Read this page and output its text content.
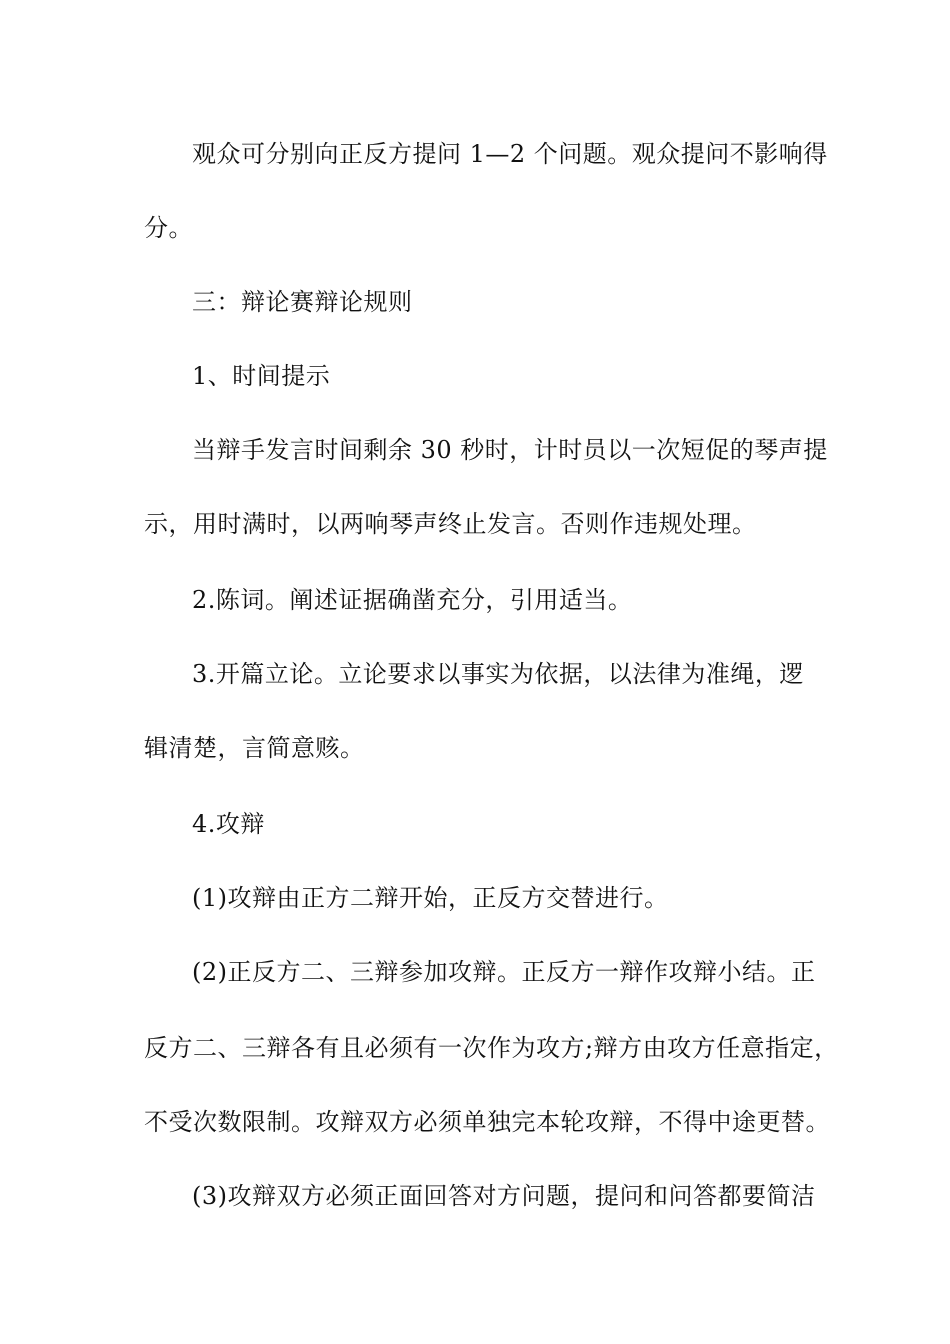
观众可分别向正反方提问 1—2 个问题。观众提问不影响得

分。

三：辩论赛辩论规则

1、时间提示

当辩手发言时间剩余 30 秒时，计时员以一次短促的琴声提

示，用时满时，以两响琴声终止发言。否则作违规处理。

2.陈词。阐述证据确凿充分，引用适当。

3.开篇立论。立论要求以事实为依据，以法律为准绳，逻

辑清楚，言简意赅。

4.攻辩

(1)攻辩由正方二辩开始，正反方交替进行。

(2)正反方二、三辩参加攻辩。正反方一辩作攻辩小结。正

反方二、三辩各有且必须有一次作为攻方;辩方由攻方任意指定，

不受次数限制。攻辩双方必须单独完本轮攻辩，不得中途更替。

(3)攻辩双方必须正面回答对方问题，提问和问答都要简洁
